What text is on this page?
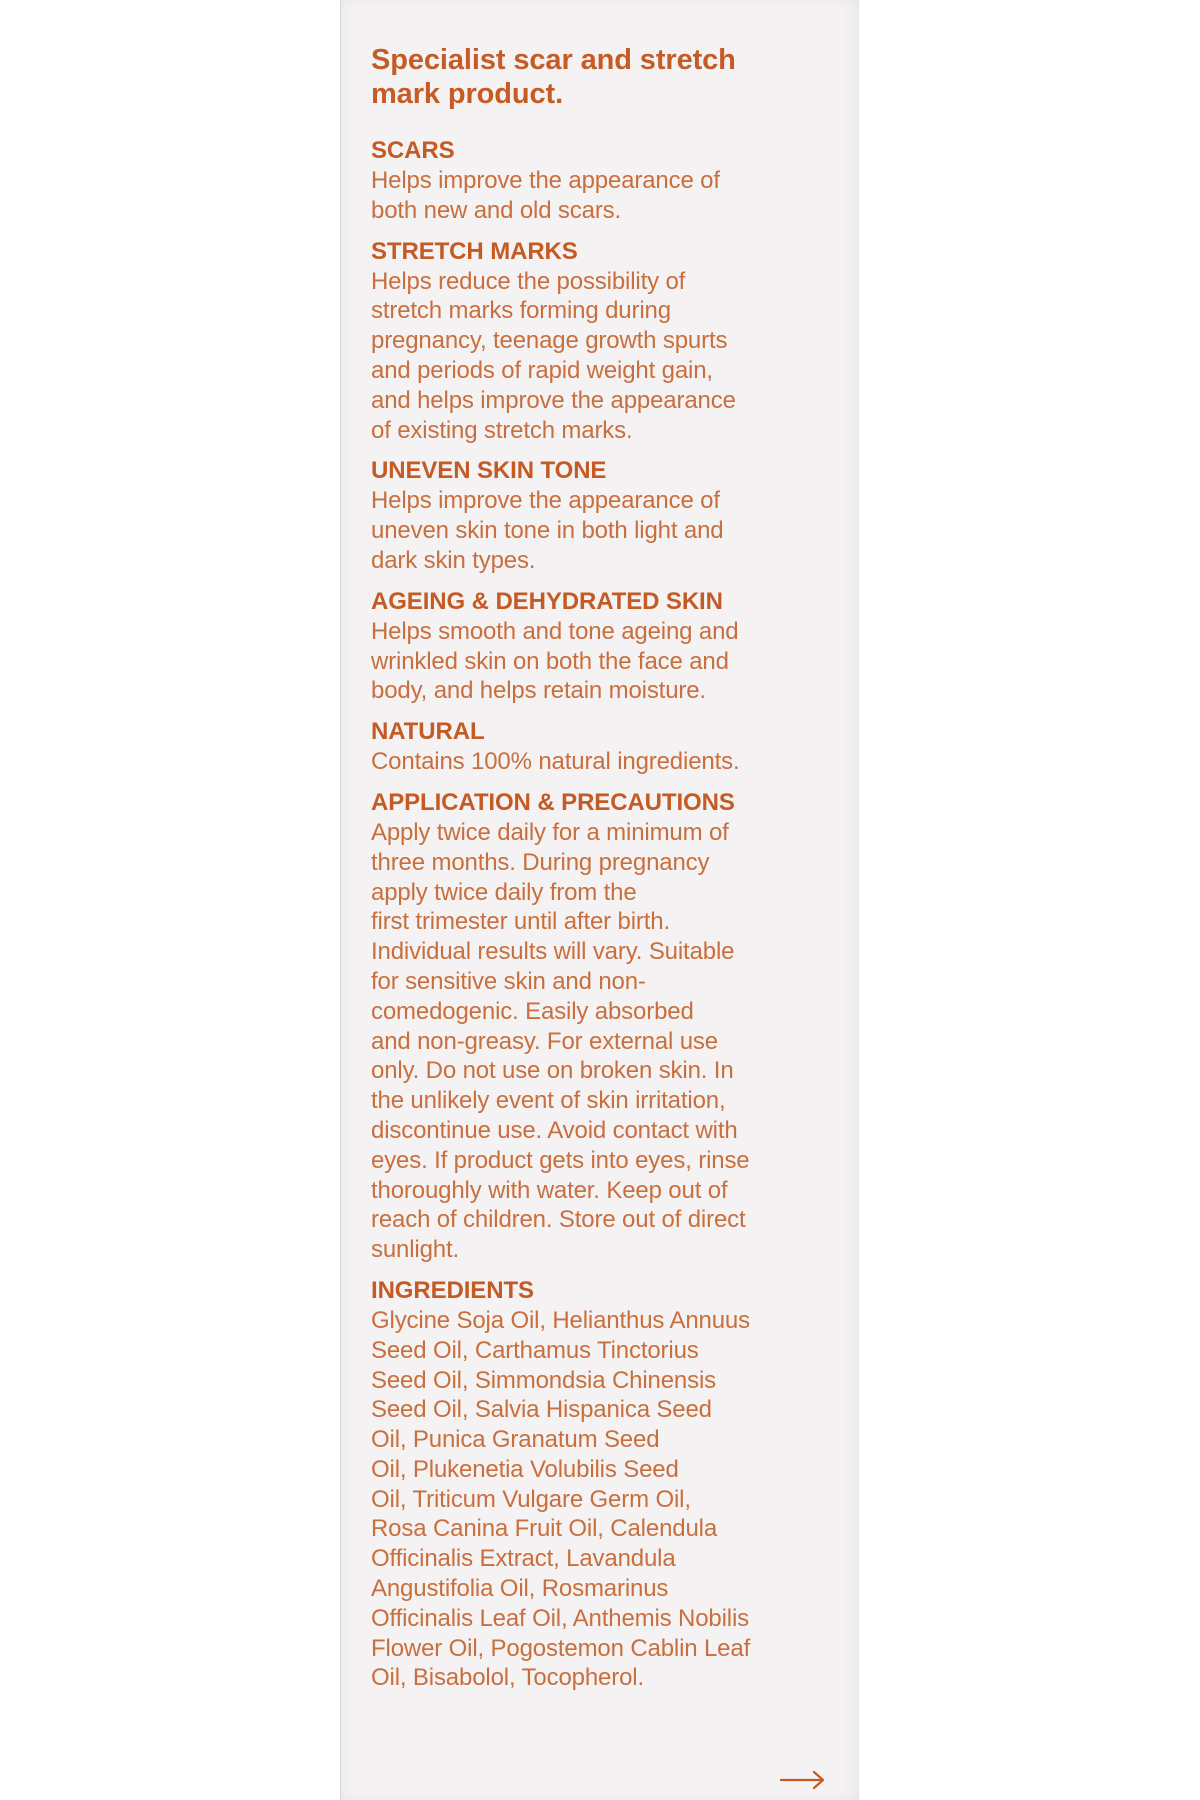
Specialist scar and stretch
mark product.
SCARS
Helps improve the appearance of
both new and old scars.
STRETCH MARKS
Helps reduce the possibility of
stretch marks forming during
pregnancy, teenage growth spurts
and periods of rapid weight gain,
and helps improve the appearance
of existing stretch marks.
UNEVEN SKIN TONE
Helps improve the appearance of
uneven skin tone in both light and
dark skin types.
AGEING & DEHYDRATED SKIN
Helps smooth and tone ageing and
wrinkled skin on both the face and
body, and helps retain moisture.
NATURAL
Contains 100% natural ingredients.
APPLICATION & PRECAUTIONS
Apply twice daily for a minimum of
three months. During pregnancy
apply twice daily from the
first trimester until after birth.
Individual results will vary. Suitable
for sensitive skin and non-
comedogenic. Easily absorbed
and non-greasy. For external use
only. Do not use on broken skin. In
the unlikely event of skin irritation,
discontinue use. Avoid contact with
eyes. If product gets into eyes, rinse
thoroughly with water. Keep out of
reach of children. Store out of direct
sunlight.
INGREDIENTS
Glycine Soja Oil, Helianthus Annuus
Seed Oil, Carthamus Tinctorius
Seed Oil, Simmondsia Chinensis
Seed Oil, Salvia Hispanica Seed
Oil, Punica Granatum Seed
Oil, Plukenetia Volubilis Seed
Oil, Triticum Vulgare Germ Oil,
Rosa Canina Fruit Oil, Calendula
Officinalis Extract, Lavandula
Angustifolia Oil, Rosmarinus
Officinalis Leaf Oil, Anthemis Nobilis
Flower Oil, Pogostemon Cablin Leaf
Oil, Bisabolol, Tocopherol.
